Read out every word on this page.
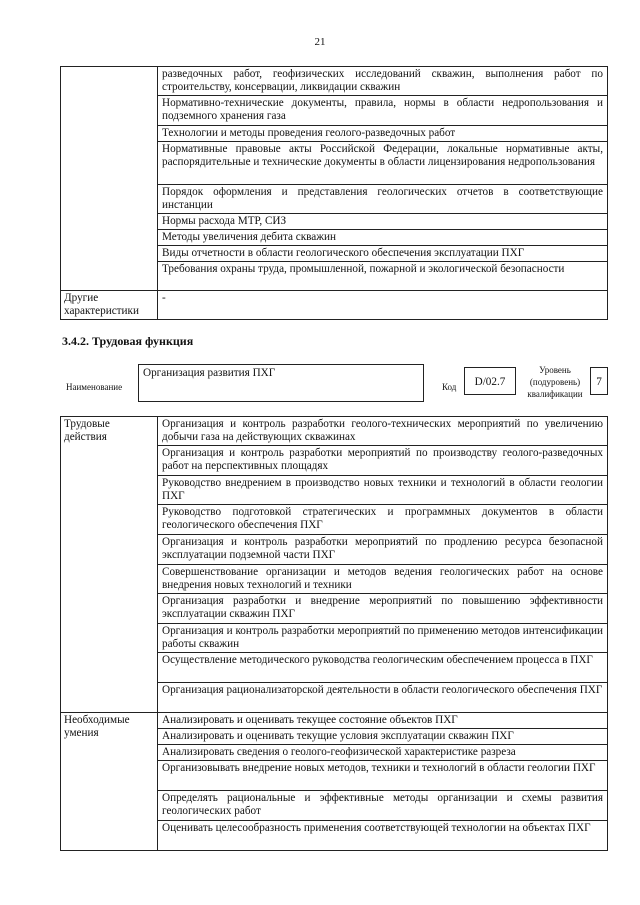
21
	разведочных работ, геофизических исследований скважин, выполнения работ по строительству, консервации, ликвидации скважин
	Нормативно-технические документы, правила, нормы в области недропользования и подземного хранения газа
	Технологии и методы проведения геолого-разведочных работ
	Нормативные правовые акты Российской Федерации, локальные нормативные акты, распорядительные и технические документы в области лицензирования недропользования
	Порядок оформления и представления геологических отчетов в соответствующие инстанции
	Нормы расхода МТР, СИЗ
	Методы увеличения дебита скважин
	Виды отчетности в области геологического обеспечения эксплуатации ПХГ
	Требования охраны труда, промышленной, пожарной и экологической безопасности
Другие характеристики	-
3.4.2. Трудовая функция
Наименование
Организация развития ПХГ
Код	D/02.7
Уровень (подуровень) квалификации
7
Трудовые действия	Организация и контроль разработки геолого-технических мероприятий по увеличению добычи газа на действующих скважинах
	Организация и контроль разработки мероприятий по производству геолого-разведочных работ на перспективных площадях
	Руководство внедрением в производство новых техники и технологий в области геологии ПХГ
	Руководство подготовкой стратегических и программных документов в области геологического обеспечения ПХГ
	Организация и контроль разработки мероприятий по продлению ресурса безопасной эксплуатации подземной части ПХГ
	Совершенствование организации и методов ведения геологических работ на основе внедрения новых технологий и техники
	Организация разработки и внедрение мероприятий по повышению эффективности эксплуатации скважин ПХГ
	Организация и контроль разработки мероприятий по применению методов интенсификации работы скважин
	Осуществление методического руководства геологическим обеспечением процесса в ПХГ
	Организация рационализаторской деятельности в области геологического обеспечения ПХГ
Необходимые умения	Анализировать и оценивать текущее состояние объектов ПХГ
	Анализировать и оценивать текущие условия эксплуатации скважин ПХГ
	Анализировать сведения о геолого-геофизической характеристике разреза
	Организовывать внедрение новых методов, техники и технологий в области геологии ПХГ
	Определять рациональные и эффективные методы организации и схемы развития геологических работ
	Оценивать целесообразность применения соответствующей технологии на объектах ПХГ
